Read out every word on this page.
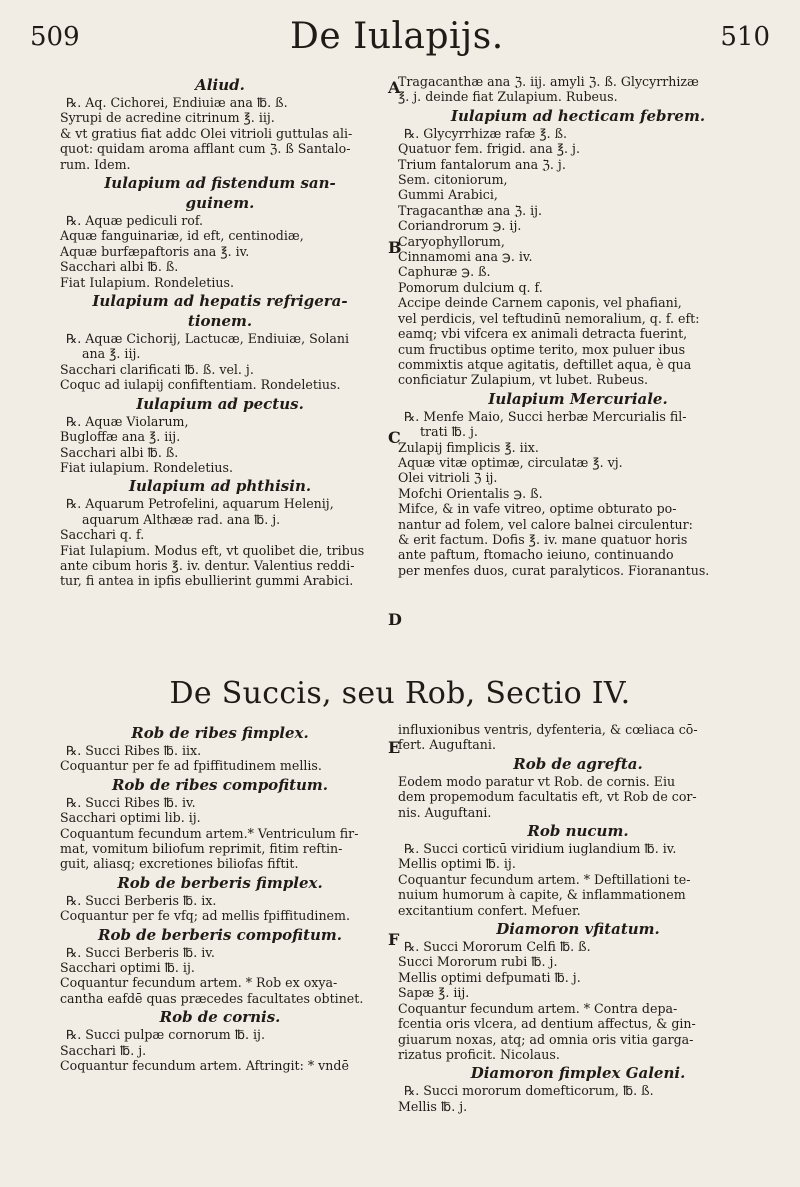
509	De Iulapijs.	510
A
B
C
D
E
F

Aliud.

℞. Aq. Cichorei, Endiuiæ ana ℔. ß.

Syrupi de acredine citrinum ℥. iij.

& vt gratius fiat addc Olei vitrioli guttulas ali-

quot: quidam aroma afflant cum ℨ. ß Santalo-

rum. Idem.

Iulapium ad fistendum san-

guinem.

℞. Aquæ pediculi rof.

Aquæ fanguinariæ, id eft, centinodiæ,

Aquæ burfæpaftoris ana ℥. iv.

Sacchari albi ℔. ß.

Fiat Iulapium. Rondeletius.

Iulapium ad hepatis refrigera-

tionem.

℞. Aquæ Cichorij, Lactucæ, Endiuiæ, Solani

ana ℥. iij.

Sacchari clarificati ℔. ß. vel. j.

Coquc ad iulapij confiftentiam. Rondeletius.

Iulapium ad pectus.

℞. Aquæ Violarum,

Bugloffæ ana ℥. iij.

Sacchari albi ℔. ß.

Fiat iulapium. Rondeletius.

Iulapium ad phthisin.

℞. Aquarum Petrofelini, aquarum Helenij,

aquarum Althææ rad. ana ℔. j.

Sacchari q. f.

Fiat Iulapium. Modus eft, vt quolibet die, tribus

ante cibum horis ℥. iv. dentur. Valentius reddi-

tur, fi antea in ipfis ebullierint gummi Arabici.

Tragacanthæ ana ℨ. iij. amyli ℨ. ß. Glycyrrhizæ

℥. j. deinde fiat Zulapium. Rubeus.

Iulapium ad hecticam febrem.

℞. Glycyrrhizæ rafæ ℥. ß.

Quatuor fem. frigid. ana ℥. j.

Trium fantalorum ana ℨ. j.

Sem. citoniorum,

Gummi Arabici,

Tragacanthæ ana ℨ. ij.

Coriandrorum ℈. ij.

Caryophyllorum,

Cinnamomi ana ℈. iv.

Caphuræ ℈. ß.

Pomorum dulcium q. f.

Accipe deinde Carnem caponis, vel phafiani,

vel perdicis, vel teftudinū nemoralium, q. f. eft:

eamq; vbi vifcera ex animali detracta fuerint,

cum fructibus optime terito, mox puluer ibus

commixtis atque agitatis, deftillet aqua, è qua

conficiatur Zulapium, vt lubet. Rubeus.

Iulapium Mercuriale.

℞. Menfe Maio, Succi herbæ Mercurialis fil-

trati ℔. j.

Zulapij fimplicis ℥. iix.

Aquæ vitæ optimæ, circulatæ ℥. vj.

Olei vitrioli ℨ ij.

Mofchi Orientalis ℈. ß.

Mifce, & in vafe vitreo, optime obturato po-

nantur ad folem, vel calore balnei circulentur:

& erit factum. Dofis ℥. iv. mane quatuor horis

ante paftum, ftomacho ieiuno, continuando

per menfes duos, curat paralyticos. Fioranantus.

De Succis, seu Rob, Sectio IV.

Rob de ribes fimplex.

℞. Succi Ribes ℔. iix.

Coquantur per fe ad fpiffitudinem mellis.

Rob de ribes compofitum.

℞. Succi Ribes ℔. iv.

Sacchari optimi lib. ij.

Coquantum fecundum artem.* Ventriculum fir-

mat, vomitum biliofum reprimit, fitim reftin-

guit, aliasq; excretiones biliofas fiftit.

Rob de berberis fimplex.

℞. Succi Berberis ℔. ix.

Coquantur per fe vfq; ad mellis fpiffitudinem.

Rob de berberis compofitum.

℞. Succi Berberis ℔. iv.

Sacchari optimi ℔. ij.

Coquantur fecundum artem. * Rob ex oxya-

cantha eafdē quas præcedes facultates obtinet.

Rob de cornis.

℞. Succi pulpæ cornorum ℔. ij.

Sacchari ℔. j.

Coquantur fecundum artem. Aftringit: * vndē

influxionibus ventris, dyfenteria, & cœliaca cō-

fert. Auguftani.

Rob de agrefta.

Eodem modo paratur vt Rob. de cornis. Eiu

dem propemodum facultatis eft, vt Rob de cor-

nis. Auguftani.

Rob nucum.

℞. Succi corticū viridium iuglandium ℔. iv.

Mellis optimi ℔. ij.

Coquantur fecundum artem. * Deftillationi te-

nuium humorum à capite, & inflammationem

excitantium confert. Mefuer.

Diamoron vfitatum.

℞. Succi Mororum Celfi ℔. ß.

Succi Mororum rubi ℔. j.

Mellis optimi defpumati ℔. j.

Sapæ ℥. iij.

Coquantur fecundum artem. * Contra depa-

fcentia oris vlcera, ad dentium affectus, & gin-

giuarum noxas, atq; ad omnia oris vitia garga-

rizatus proficit. Nicolaus.

Diamoron fimplex Galeni.

℞. Succi mororum domefticorum, ℔. ß.

Mellis ℔. j.
